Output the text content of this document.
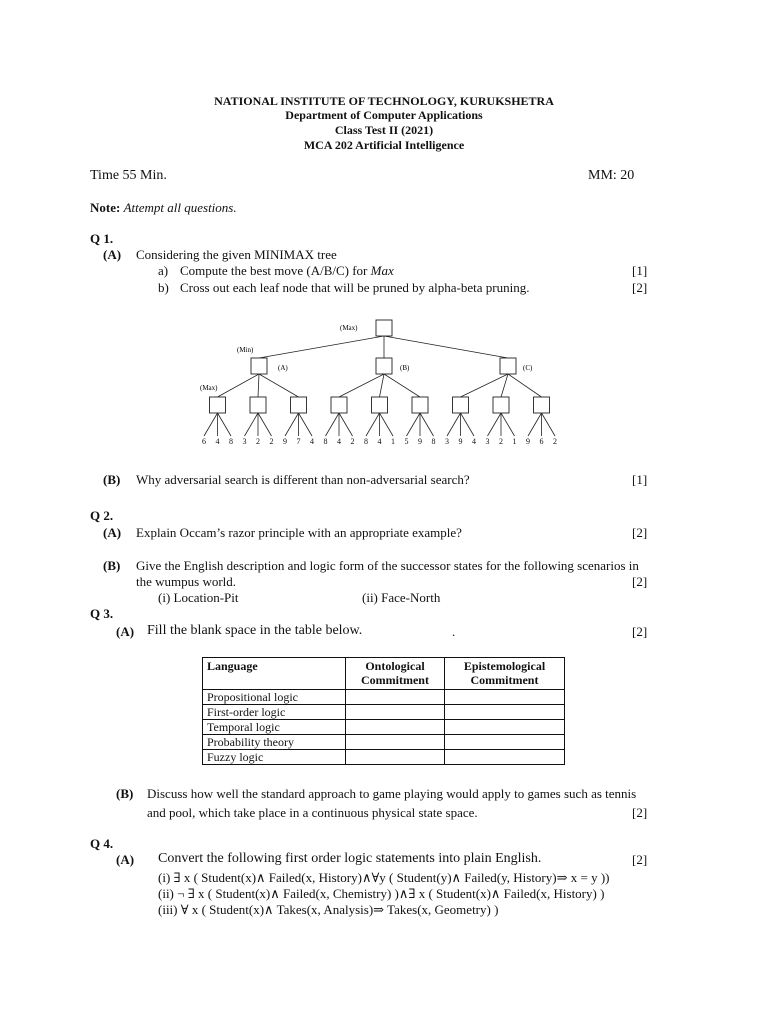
NATIONAL INSTITUTE OF TECHNOLOGY, KURUKSHETRA
Department of Computer Applications
Class Test II (2021)
MCA 202 Artificial Intelligence
Time 55 Min.	MM: 20
Note: Attempt all questions.
Q 1.
(A) Considering the given MINIMAX tree
a) Compute the best move (A/B/C) for Max	[1]
b) Cross out each leaf node that will be pruned by alpha-beta pruning.	[2]
(Max)
(Min)
(Max)
(A)	(B)	(C)
6 4 8 3 2 2 9 7 4 8 4 2 8 4 1 5 9 8 3 9 4 3 2 1 9 6 2
(B) Why adversarial search is different than non-adversarial search?	[1]
Q 2.
(A) Explain Occam’s razor principle with an appropriate example?	[2]
(B) Give the English description and logic form of the successor states for the following scenarios in
the wumpus world.	[2]
(i) Location-Pit	(ii) Face-North
Q 3.
(A) Fill the blank space in the table below.	.	[2]
Language	Ontological Commitment	Epistemological Commitment
Propositional logic		
First-order logic		
Temporal logic		
Probability theory		
Fuzzy logic		
(B) Discuss how well the standard approach to game playing would apply to games such as tennis
and pool, which take place in a continuous physical state space.	[2]
Q 4.
(A) Convert the following first order logic statements into plain English.	[2]
(i) ∃ x ( Student(x)∧ Failed(x, History)∧∀y ( Student(y)∧ Failed(y, History)⇒ x = y ))
(ii) ¬ ∃ x ( Student(x)∧ Failed(x, Chemistry) )∧∃ x ( Student(x)∧ Failed(x, History) )
(iii) ∀ x ( Student(x)∧ Takes(x, Analysis)⇒ Takes(x, Geometry) )
